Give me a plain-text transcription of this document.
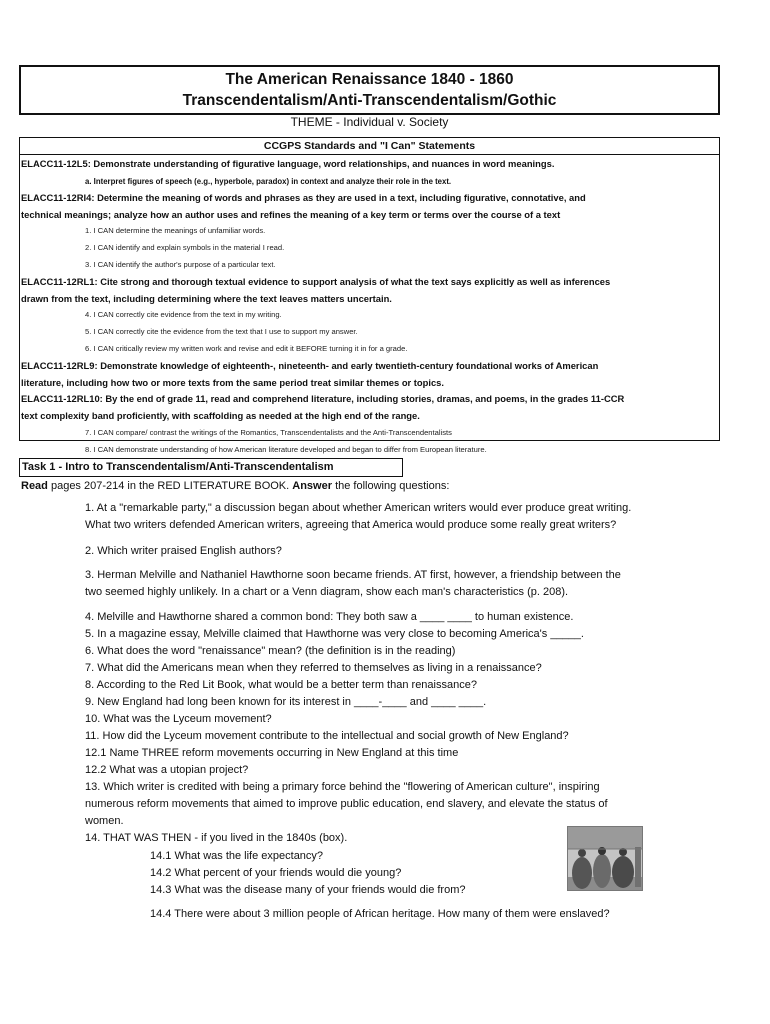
The American Renaissance 1840 - 1860
Transcendentalism/Anti-Transcendentalism/Gothic
THEME - Individual v. Society
CCGPS Standards and "I Can" Statements
ELACC11-12L5: Demonstrate understanding of figurative language, word relationships, and nuances in word meanings.
a. Interpret figures of speech (e.g., hyperbole, paradox) in context and analyze their role in the text.
ELACC11-12RI4: Determine the meaning of words and phrases as they are used in a text, including figurative, connotative, and
technical meanings; analyze how an author uses and refines the meaning of a key term or terms over the course of a text
1. I CAN determine the meanings of unfamiliar words.
2. I CAN identify and explain symbols in the material I read.
3. I CAN identify the author's purpose of a particular text.
ELACC11-12RL1: Cite strong and thorough textual evidence to support analysis of what the text says explicitly as well as inferences
drawn from the text, including determining where the text leaves matters uncertain.
4. I CAN correctly cite evidence from the text in my writing.
5. I CAN correctly cite the evidence from the text that I use to support my answer.
6. I CAN critically review my written work and revise and edit it BEFORE turning it in for a grade.
ELACC11-12RL9: Demonstrate knowledge of eighteenth-, nineteenth- and early twentieth-century foundational works of American
literature, including how two or more texts from the same period treat similar themes or topics.
ELACC11-12RL10: By the end of grade 11, read and comprehend literature, including stories, dramas, and poems, in the grades 11-CCR
text complexity band proficiently, with scaffolding as needed at the high end of the range.
7. I CAN compare/ contrast the writings of the Romantics, Transcendentalists and the Anti-Transcendentalists
8. I CAN demonstrate understanding of how American literature developed and began to differ from European literature.
Task 1 - Intro to Transcendentalism/Anti-Transcendentalism
Read pages 207-214 in the RED LITERATURE BOOK. Answer the following questions:
1. At a "remarkable party," a discussion began about whether American writers would ever produce great writing.
What two writers defended American writers, agreeing that America would produce some really great writers?
2. Which writer praised English authors?
3. Herman Melville and Nathaniel Hawthorne soon became friends. AT first, however, a friendship between the
two seemed highly unlikely. In a chart or a Venn diagram, show each man's characteristics (p. 208).
4. Melville and Hawthorne shared a common bond: They both saw a ____ ____ to human existence.
5. In a magazine essay, Melville claimed that Hawthorne was very close to becoming America's _____.
6. What does the word "renaissance" mean? (the definition is in the reading)
7. What did the Americans mean when they referred to themselves as living in a renaissance?
8. According to the Red Lit Book, what would be a better term than renaissance?
9. New England had long been known for its interest in ____-____ and ____ ____.
10. What was the Lyceum movement?
11. How did the Lyceum movement contribute to the intellectual and social growth of New England?
12.1 Name THREE reform movements occurring in New England at this time
12.2 What was a utopian project?
13. Which writer is credited with being a primary force behind the "flowering of American culture", inspiring
numerous reform movements that aimed to improve public education, end slavery, and elevate the status of
women.
14. THAT WAS THEN - if you lived in the 1840s (box).
14.1 What was the life expectancy?
14.2 What percent of your friends would die young?
14.3 What was the disease many of your friends would die from?
14.4 There were about 3 million people of African heritage. How many of them were enslaved?
